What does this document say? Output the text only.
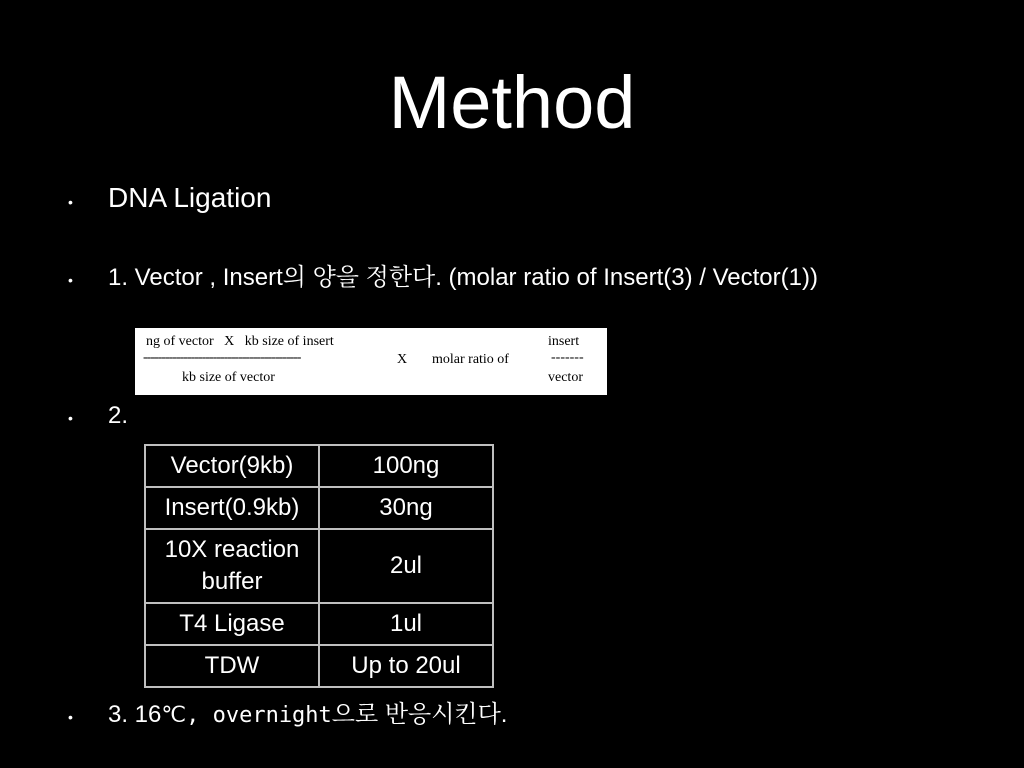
Method
•	DNA Ligation
•	1. Vector , Insert의 양을 정한다. (molar ratio of Insert(3) / Vector(1))
ng of vector   X   kb size of insert
-------------------------------------------
kb size of vector
X molar ratio of
insert
-------
vector
•	2.
Vector(9kb)	100ng
Insert(0.9kb)	30ng
10X reaction buffer	2ul
T4 Ligase	1ul
TDW	Up to 20ul
•	3. 16℃, overnight으로 반응시킨다.
